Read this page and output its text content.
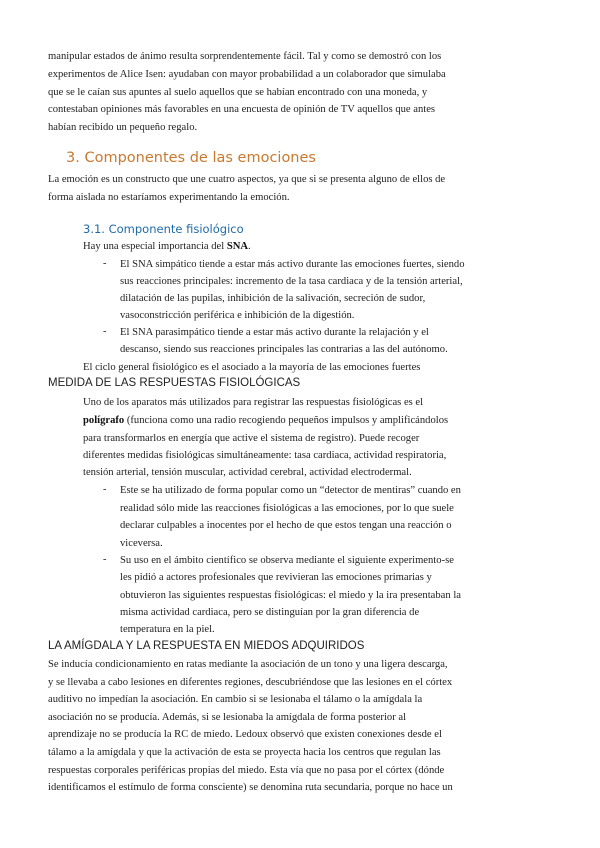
manipular estados de ánimo resulta sorprendentemente fácil. Tal y como se demostró con los
experimentos de Alice Isen: ayudaban con mayor probabilidad a un colaborador que simulaba
que se le caían sus apuntes al suelo aquellos que se habían encontrado con una moneda, y
contestaban opiniones más favorables en una encuesta de opinión de TV aquellos que antes
habían recibido un pequeño regalo.
3. Componentes de las emociones
La emoción es un constructo que une cuatro aspectos, ya que si se presenta alguno de ellos de
forma aislada no estaríamos experimentando la emoción.
3.1. Componente fisiológico
Hay una especial importancia del SNA.
- El SNA simpático tiende a estar más activo durante las emociones fuertes, siendo
sus reacciones principales: incremento de la tasa cardiaca y de la tensión arterial,
dilatación de las pupilas, inhibición de la salivación, secreción de sudor,
vasoconstricción periférica e inhibición de la digestión.
- El SNA parasimpático tiende a estar más activo durante la relajación y el
descanso, siendo sus reacciones principales las contrarias a las del autónomo.
El ciclo general fisiológico es el asociado a la mayoría de las emociones fuertes
MEDIDA DE LAS RESPUESTAS FISIOLÓGICAS
Uno de los aparatos más utilizados para registrar las respuestas fisiológicas es el
polígrafo (funciona como una radio recogiendo pequeños impulsos y amplificándolos
para transformarlos en energía que active el sistema de registro). Puede recoger
diferentes medidas fisiológicas simultáneamente: tasa cardiaca, actividad respiratoria,
tensión arterial, tensión muscular, actividad cerebral, actividad electrodermal.
- Este se ha utilizado de forma popular como un “detector de mentiras” cuando en
realidad sólo mide las reacciones fisiológicas a las emociones, por lo que suele
declarar culpables a inocentes por el hecho de que estos tengan una reacción o
viceversa.
- Su uso en el ámbito científico se observa mediante el siguiente experimento-se
les pidió a actores profesionales que revivieran las emociones primarias y
obtuvieron las siguientes respuestas fisiológicas: el miedo y la ira presentaban la
misma actividad cardiaca, pero se distinguían por la gran diferencia de
temperatura en la piel.
LA AMÍGDALA Y LA RESPUESTA EN MIEDOS ADQUIRIDOS
Se inducía condicionamiento en ratas mediante la asociación de un tono y una ligera descarga,
y se llevaba a cabo lesiones en diferentes regiones, descubriéndose que las lesiones en el córtex
auditivo no impedían la asociación. En cambio si se lesionaba el tálamo o la amígdala la
asociación no se producía. Además, si se lesionaba la amígdala de forma posterior al
aprendizaje no se producía la RC de miedo. Ledoux observó que existen conexiones desde el
tálamo a la amígdala y que la activación de esta se proyecta hacia los centros que regulan las
respuestas corporales periféricas propias del miedo. Esta vía que no pasa por el córtex (dónde
identificamos el estímulo de forma consciente) se denomina ruta secundaria, porque no hace un
